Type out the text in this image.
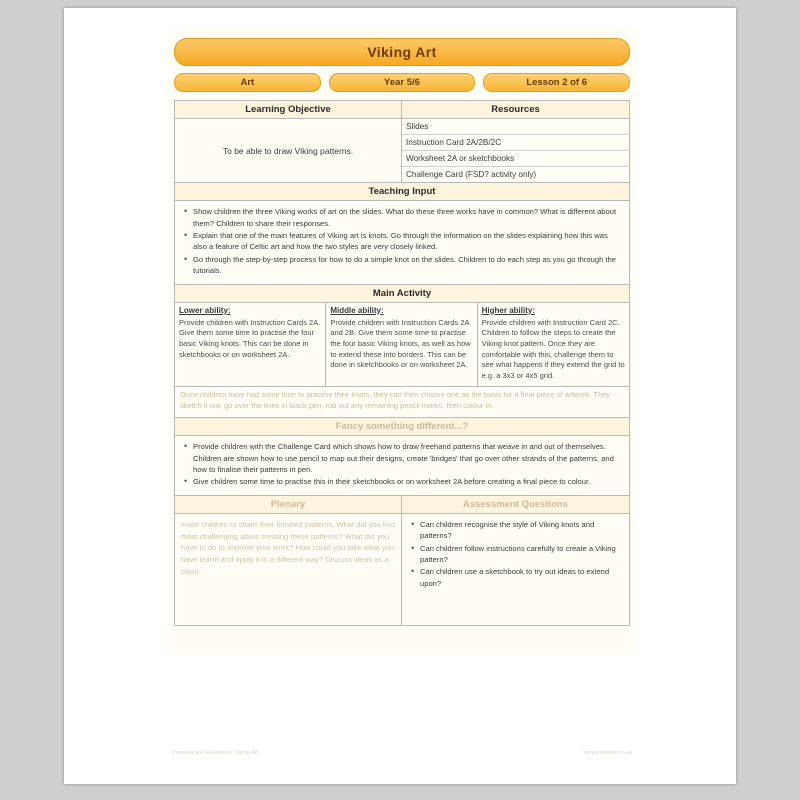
Viking Art
Art	Year 5/6	Lesson 2 of 6
Learning Objective	Resources
To be able to draw Viking patterns.
Slides
Instruction Card 2A/2B/2C
Worksheet 2A or sketchbooks
Challenge Card (FSD? activity only)
Teaching Input
• Show children the three Viking works of art on the slides. What do these three works have in common? What is different about them? Children to share their responses.
• Explain that one of the main features of Viking art is knots. Go through the information on the slides explaining how this was also a feature of Celtic art and how the two styles are very closely linked.
• Go through the step-by-step process for how to do a simple knot on the slides. Children to do each step as you go through the tutorials.
Main Activity
Lower ability:

Provide children with Instruction Cards 2A. Give them some time to practise the four basic Viking knots. This can be done in sketchbooks or on worksheet 2A.

Middle ability:

Provide children with Instruction Cards 2A and 2B. Give them some time to practise the four basic Viking knots, as well as how to extend these into borders. This can be done in sketchbooks or on worksheet 2A.

Higher ability:

Provide children with Instruction Card 2C. Children to follow the steps to create the Viking knot pattern. Once they are comfortable with this, challenge them to see what happens if they extend the grid to e.g. a 3x3 or 4x5 grid.

Once children have had some time to practise their knots, they can then choose one as the basis for a final piece of artwork. They sketch it out, go over the lines in black pen, rub out any remaining pencil marks, then colour in.
Fancy something different...?
• Provide children with the Challenge Card which shows how to draw freehand patterns that weave in and out of themselves. Children are shown how to use pencil to map out their designs, create 'bridges' that go over other strands of the patterns, and how to finalise their patterns in pen.
• Give children some time to practise this in their sketchbooks or on worksheet 2A before creating a final piece to colour.
Plenary	Assessment Questions
Invite children to share their finished patterns. What did you find most challenging about creating these patterns? What did you have to do to improve your work? How could you take what you have learnt and apply it in a different way? Discuss ideas as a class.
• Can children recognise the style of Viking knots and patterns?
• Can children follow instructions carefully to create a Viking pattern?
• Can children use a sketchbook to try out ideas to extend upon?
Planning and Resources: Viking Art	www.example.co.uk
